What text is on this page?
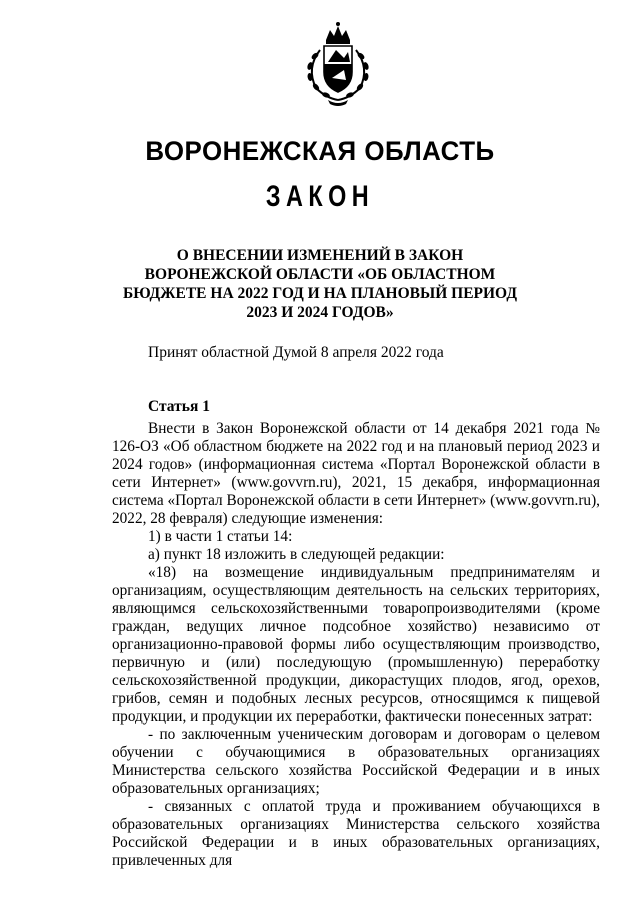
ВОРОНЕЖСКАЯ ОБЛАСТЬ
ЗАКОН
О ВНЕСЕНИИ ИЗМЕНЕНИЙ В ЗАКОН ВОРОНЕЖСКОЙ ОБЛАСТИ «ОБ ОБЛАСТНОМ БЮДЖЕТЕ НА 2022 ГОД И НА ПЛАНОВЫЙ ПЕРИОД 2023 И 2024 ГОДОВ»
Принят областной Думой 8 апреля 2022 года
Статья 1

Внести в Закон Воронежской области от 14 декабря 2021 года № 126-ОЗ «Об областном бюджете на 2022 год и на плановый период 2023 и 2024 годов» (информационная система «Портал Воронежской области в сети Интернет» (www.govvrn.ru), 2021, 15 декабря, информационная система «Портал Воронежской области в сети Интернет» (www.govvrn.ru), 2022, 28 февраля) следующие изменения:

1) в части 1 статьи 14:

а) пункт 18 изложить в следующей редакции:

«18) на возмещение индивидуальным предпринимателям и организациям, осуществляющим деятельность на сельских территориях, являющимся сельскохозяйственными товаропроизводителями (кроме граждан, ведущих личное подсобное хозяйство) независимо от организационно-правовой формы либо осуществляющим производство, первичную и (или) последующую (промышленную) переработку сельскохозяйственной продукции, дикорастущих плодов, ягод, орехов, грибов, семян и подобных лесных ресурсов, относящимся к пищевой продукции, и продукции их переработки, фактически понесенных затрат:

- по заключенным ученическим договорам и договорам о целевом обучении с обучающимися в образовательных организациях Министерства сельского хозяйства Российской Федерации и в иных образовательных организациях;

- связанных с оплатой труда и проживанием обучающихся в образовательных организациях Министерства сельского хозяйства Российской Федерации и в иных образовательных организациях, привлеченных для
